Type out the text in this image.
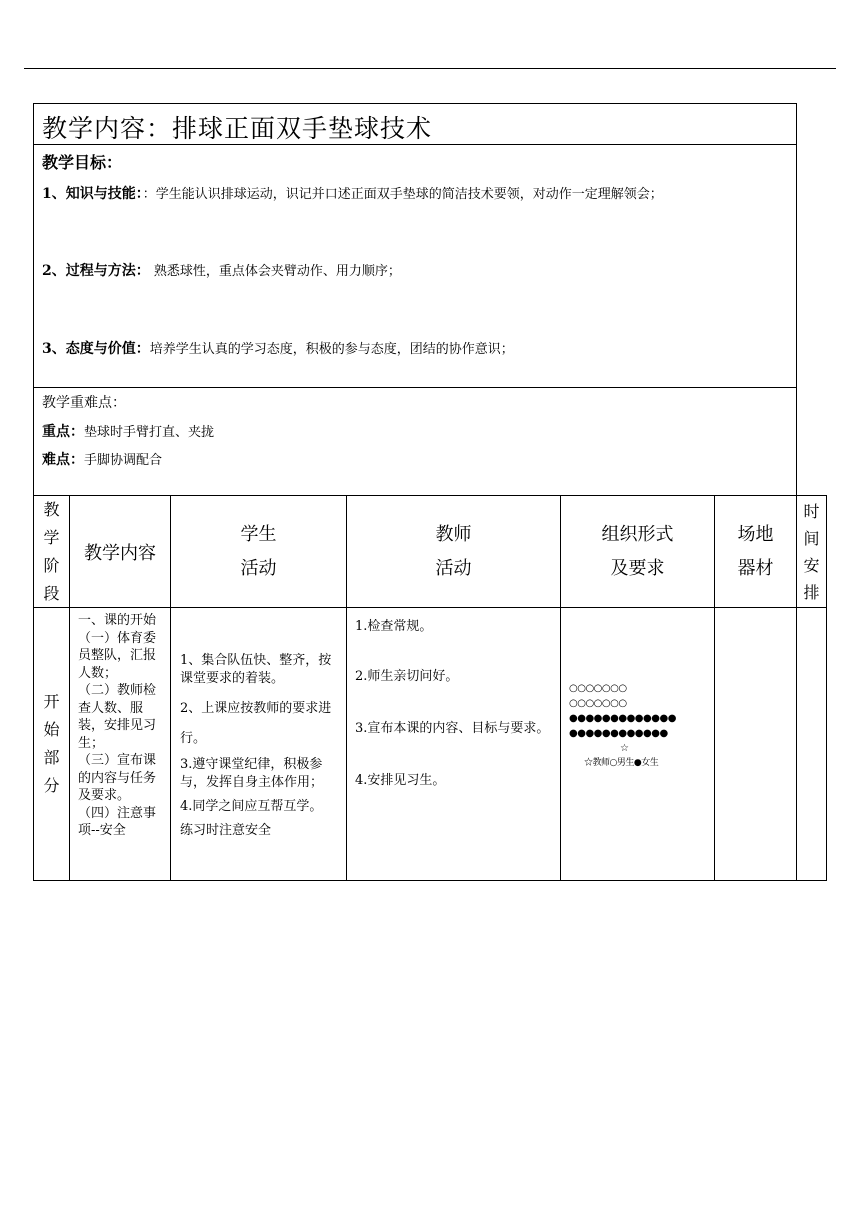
教学内容：排球正面双手垫球技术
教学目标：
1、知识与技能：：学生能认识排球运动，识记并口述正面双手垫球的简洁技术要领，对动作一定理解领会；
2、过程与方法： 熟悉球性，重点体会夹臂动作、用力顺序；
3、态度与价值：培养学生认真的学习态度，积极的参与态度，团结的协作意识；
教学重难点：
重点：垫球时手臂打直、夹拢
难点：手脚协调配合
教
学
阶
段
教学内容
学生
活动
教师
活动
组织形式
及要求
场地
器材
时
间
安
排
开
始
部
分
一、课的开始
（一）体育委员整队，汇报人数；
（二）教师检查人数、服装，安排见习生；
（三）宣布课的内容与任务及要求。
（四）注意事项--安全
1、集合队伍快、整齐，按课堂要求的着装。
2、上课应按教师的要求进行。
3.遵守课堂纪律，积极参与，发挥自身主体作用；
4.同学之间应互帮互学。
练习时注意安全
1.检查常规。
2.师生亲切问好。
3.宣布本课的内容、目标与要求。
4.安排见习生。
○○○○○○○
○○○○○○○
●●●●●●●●●●●●●
●●●●●●●●●●●●
☆
☆教师○男生●女生
